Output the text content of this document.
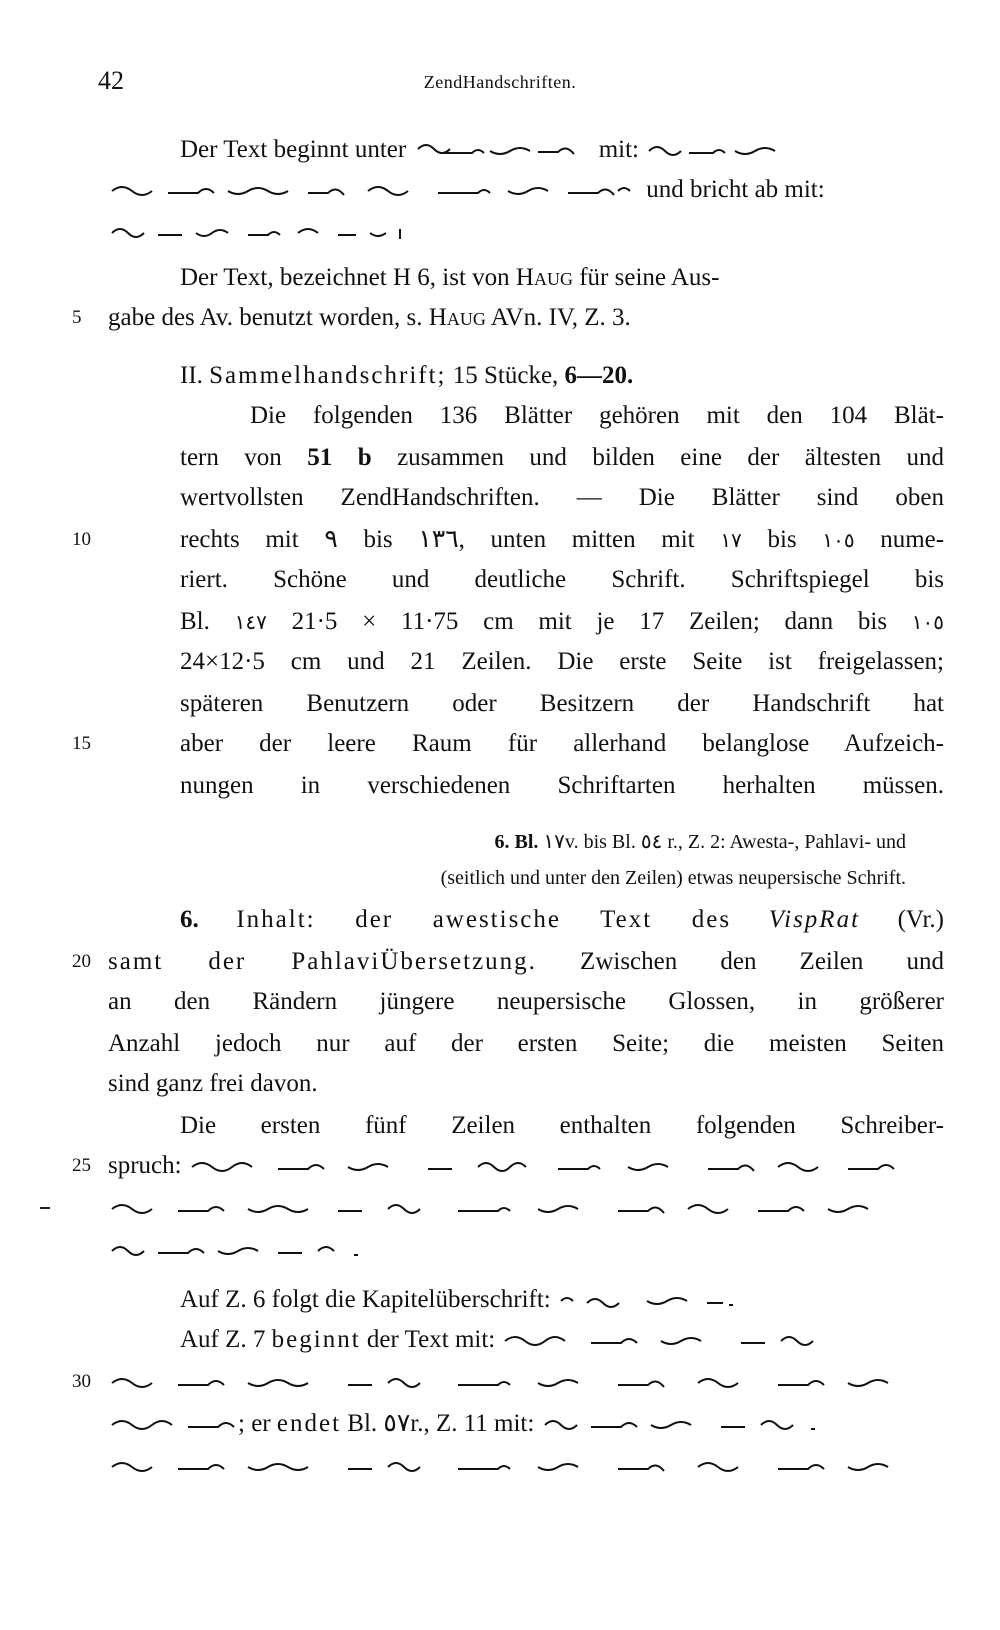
42	ZendHandschriften.
Der Text beginnt unter	mit:
und bricht ab mit:
Der Text, bezeichnet H 6, ist von Haug für seine Aus-
5	gabe des Av. benutzt worden, s. Haug AVn. IV, Z. 3.
II. Sammelhandschrift; 15 Stücke, 6—20.
Die folgenden 136 Blätter gehören mit den 104 Blät-
tern von 51 b zusammen und bilden eine der ältesten und
wertvollsten ZendHandschriften. — Die Blätter sind oben
10	rechts mit ٩ bis ١٣٦, unten mitten mit ١٧ bis ١٠٥ nume-
riert. Schöne und deutliche Schrift. Schriftspiegel bis
Bl. ١٤٧ 21·5 × 11·75 cm mit je 17 Zeilen; dann bis ١٠٥
24×12·5 cm und 21 Zeilen. Die erste Seite ist freigelassen;
späteren Benutzern oder Besitzern der Handschrift hat
15	aber der leere Raum für allerhand belanglose Aufzeich-
nungen in verschiedenen Schriftarten herhalten müssen.
6. Bl. ١٧v. bis Bl. ٥٤ r., Z. 2: Awesta-, Pahlavi- und
(seitlich und unter den Zeilen) etwas neupersische Schrift.
6. Inhalt: der awestische Text des VispRat (Vr.)
20 samt der PahlaviÜbersetzung. Zwischen den Zeilen und
an den Rändern jüngere neupersische Glossen, in größerer
Anzahl jedoch nur auf der ersten Seite; die meisten Seiten
sind ganz frei davon.
Die ersten fünf Zeilen enthalten folgenden Schreiber-
25 spruch:
Auf Z. 6 folgt die Kapitelüberschrift:
Auf Z. 7 beginnt der Text mit:
30
; er endet Bl. ٥٧r., Z. 11 mit:
